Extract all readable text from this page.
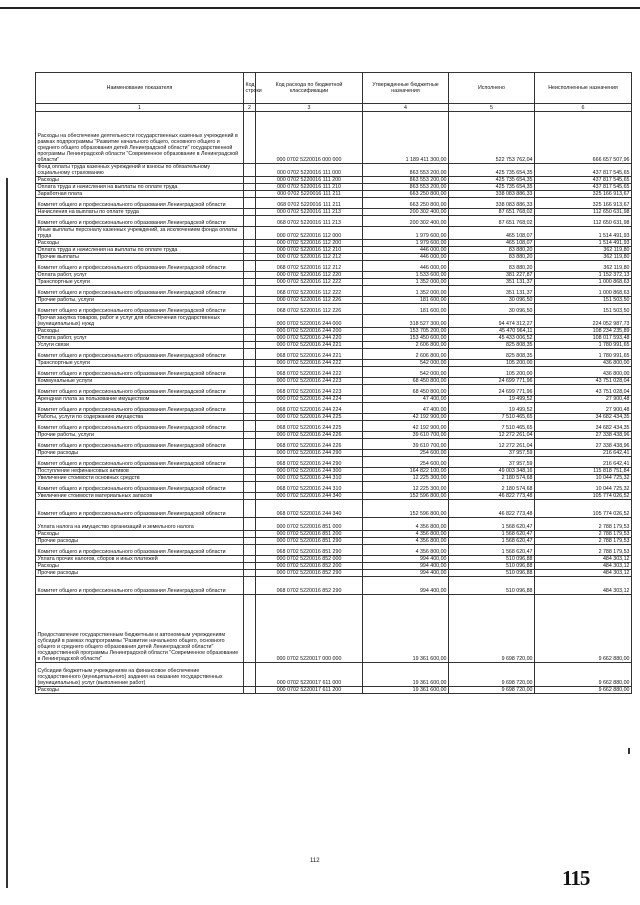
Наименование показателя	Код строки	Код расхода по бюджетной классификации	Утвержденные бюджетные назначения	Исполнено	Неисполненные назначения
1	2	3	4	5	6
Расходы на обеспечение деятельности государственных казенных учреждений в рамках подпрограммы "Развитие начального общего, основного общего и среднего общего образования детей Ленинградской области" государственной программы Ленинградской области "Современное образование в Ленинградской области"		000 0702 5220016 000 000	1 189 411 300,00	522 753 762,04	666 657 507,96
Фонд оплаты труда казенных учреждений и взносы по обязательному социальному страхованию		000 0702 5220016 111 000	863 553 200,00	425 735 654,35	437 817 545,65
Расходы		000 0702 5220016 111 200	863 553 200,00	425 735 654,35	437 817 545,65
Оплата труда и начисления на выплаты по оплате труда		000 0702 5220016 111 210	863 553 200,00	425 735 654,35	437 817 545,65
Заработная плата		000 0702 5220016 111 211	663 250 800,00	338 083 886,33	325 166 913,67
Комитет общего и профессионального образования Ленинградской области		068 0702 5220016 111 211	663 250 800,00	338 083 886,33	325 166 913,67
Начисления на выплаты по оплате труда		000 0702 5220016 111 213	200 302 400,00	87 651 768,02	112 650 631,98
Комитет общего и профессионального образования Ленинградской области		068 0702 5220016 111 213	200 302 400,00	87 651 768,02	112 650 631,98
Иные выплаты персоналу казенных учреждений, за исключением фонда оплаты труда		000 0702 5220016 112 000	1 979 600,00	465 108,07	1 514 491,93
Расходы		000 0702 5220016 112 200	1 979 600,00	465 108,07	1 514 491,93
Оплата труда и начисления на выплаты по оплате труда		000 0702 5220016 112 210	446 000,00	83 880,20	362 119,80
Прочие выплаты		000 0702 5220016 112 212	446 000,00	83 880,20	362 119,80
Комитет общего и профессионального образования Ленинградской области		068 0702 5220016 112 212	446 000,00	83 880,20	362 119,80
Оплата работ, услуг		000 0702 5220016 112 220	1 533 600,00	381 227,87	1 152 372,13
Транспортные услуги		000 0702 5220016 112 222	1 352 000,00	351 131,37	1 000 868,63
Комитет общего и профессионального образования Ленинградской области		068 0702 5220016 112 222	1 352 000,00	351 131,37	1 000 868,63
Прочие работы, услуги		000 0702 5220016 112 226	181 600,00	30 096,50	151 503,50
Комитет общего и профессионального образования Ленинградской области		068 0702 5220016 112 226	181 600,00	30 096,50	151 503,50
Прочая закупка товаров, работ и услуг для обеспечения государственных (муниципальных) нужд		000 0702 5220016 244 000	318 527 300,00	94 474 312,27	224 052 987,73
Расходы		000 0702 5220016 244 200	153 705 200,00	45 470 964,11	108 234 235,89
Оплата работ, услуг		000 0702 5220016 244 220	153 450 600,00	45 433 006,52	108 017 593,48
Услуги связи		000 0702 5220016 244 221	2 606 800,00	825 808,35	1 780 991,65
Комитет общего и профессионального образования Ленинградской области		068 0702 5220016 244 221	2 606 800,00	825 808,35	1 780 991,65
Транспортные услуги		000 0702 5220016 244 222	542 000,00	105 200,00	436 800,00
Комитет общего и профессионального образования Ленинградской области		068 0702 5220016 244 222	542 000,00	105 200,00	436 800,00
Коммунальные услуги		000 0702 5220016 244 223	68 450 800,00	24 699 771,96	43 751 028,04
Комитет общего и профессионального образования Ленинградской области		068 0702 5220016 244 223	68 450 800,00	24 699 771,96	43 751 028,04
Арендная плата за пользование имуществом		000 0702 5220016 244 224	47 400,00	19 499,52	27 900,48
Комитет общего и профессионального образования Ленинградской области		068 0702 5220016 244 224	47 400,00	19 499,52	27 900,48
Работы, услуги по содержанию имущества		000 0702 5220016 244 225	42 192 900,00	7 510 465,65	34 682 434,35
Комитет общего и профессионального образования Ленинградской области		068 0702 5220016 244 225	42 192 900,00	7 510 465,65	34 682 434,35
Прочие работы, услуги		000 0702 5220016 244 226	39 610 700,00	12 272 261,04	27 338 438,96
Комитет общего и профессионального образования Ленинградской области		068 0702 5220016 244 226	39 610 700,00	12 272 261,04	27 338 438,96
Прочие расходы		000 0702 5220016 244 290	254 600,00	37 957,59	216 642,41
Комитет общего и профессионального образования Ленинградской области		068 0702 5220016 244 290	254 600,00	37 957,59	216 642,41
Поступление нефинансовых активов		000 0702 5220016 244 300	164 822 100,00	49 003 348,16	115 818 751,84
Увеличение стоимости основных средств		000 0702 5220016 244 310	12 225 300,00	2 180 574,68	10 044 725,32
Комитет общего и профессионального образования Ленинградской области		068 0702 5220016 244 310	12 225 300,00	2 180 574,68	10 044 725,32
Увеличение стоимости материальных запасов		000 0702 5220016 244 340	152 596 800,00	46 822 773,48	105 774 026,52
Комитет общего и профессионального образования Ленинградской области		068 0702 5220016 244 340	152 596 800,00	46 822 773,48	105 774 026,52
Уплата налога на имущество организаций и земельного налога		000 0702 5220016 851 000	4 356 800,00	1 568 620,47	2 788 179,53
Расходы		000 0702 5220016 851 200	4 356 800,00	1 568 620,47	2 788 179,53
Прочие расходы		000 0702 5220016 851 290	4 356 800,00	1 568 620,47	2 788 179,53
Комитет общего и профессионального образования Ленинградской области		068 0702 5220016 851 290	4 356 800,00	1 568 620,47	2 788 179,53
Уплата прочих налогов, сборов и иных платежей		000 0702 5220016 852 000	994 400,00	510 096,88	484 303,12
Расходы		000 0702 5220016 852 200	994 400,00	510 096,88	484 303,12
Прочие расходы		000 0702 5220016 852 290	994 400,00	510 096,88	484 303,12
Комитет общего и профессионального образования Ленинградской области		068 0702 5220016 852 290	994 400,00	510 096,88	484 303,12
Предоставление государственным бюджетным и автономным учреждениям субсидий в рамках подпрограммы "Развитие начального общего, основного общего и среднего общего образования детей Ленинградской области" государственной программы Ленинградской области "Современное образование в Ленинградской области"		000 0702 5220017 000 000	19 361 600,00	9 698 720,00	9 662 880,00
Субсидии бюджетным учреждениям на финансовое обеспечение государственного (муниципального) задания на оказание государственных (муниципальных) услуг (выполнение работ)		000 0702 5220017 611 000	19 361 600,00	9 698 720,00	9 662 880,00
Расходы		000 0702 5220017 611 200	19 361 600,00	9 698 720,00	9 662 880,00
112
115
